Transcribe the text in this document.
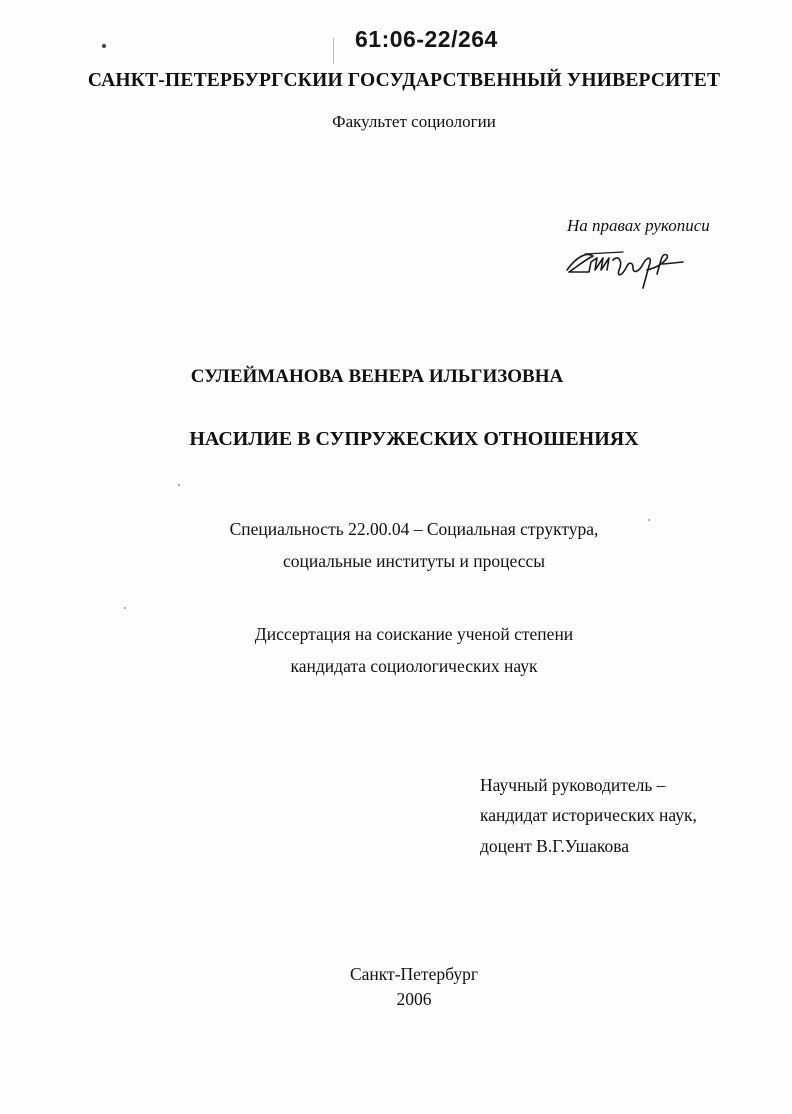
61:06-22/264
САНКТ-ПЕТЕРБУРГСКИИ ГОСУДАРСТВЕННЫЙ УНИВЕРСИТЕТ
Факультет социологии
На правах рукописи
СУЛЕЙМАНОВА ВЕНЕРА ИЛЬГИЗОВНА
НАСИЛИЕ В СУПРУЖЕСКИХ ОТНОШЕНИЯХ
Специальность 22.00.04 – Социальная структура,
социальные институты и процессы
Диссертация на соискание ученой степени
кандидата социологических наук
Научный руководитель –
кандидат исторических наук,
доцент В.Г.Ушакова
Санкт-Петербург
2006
